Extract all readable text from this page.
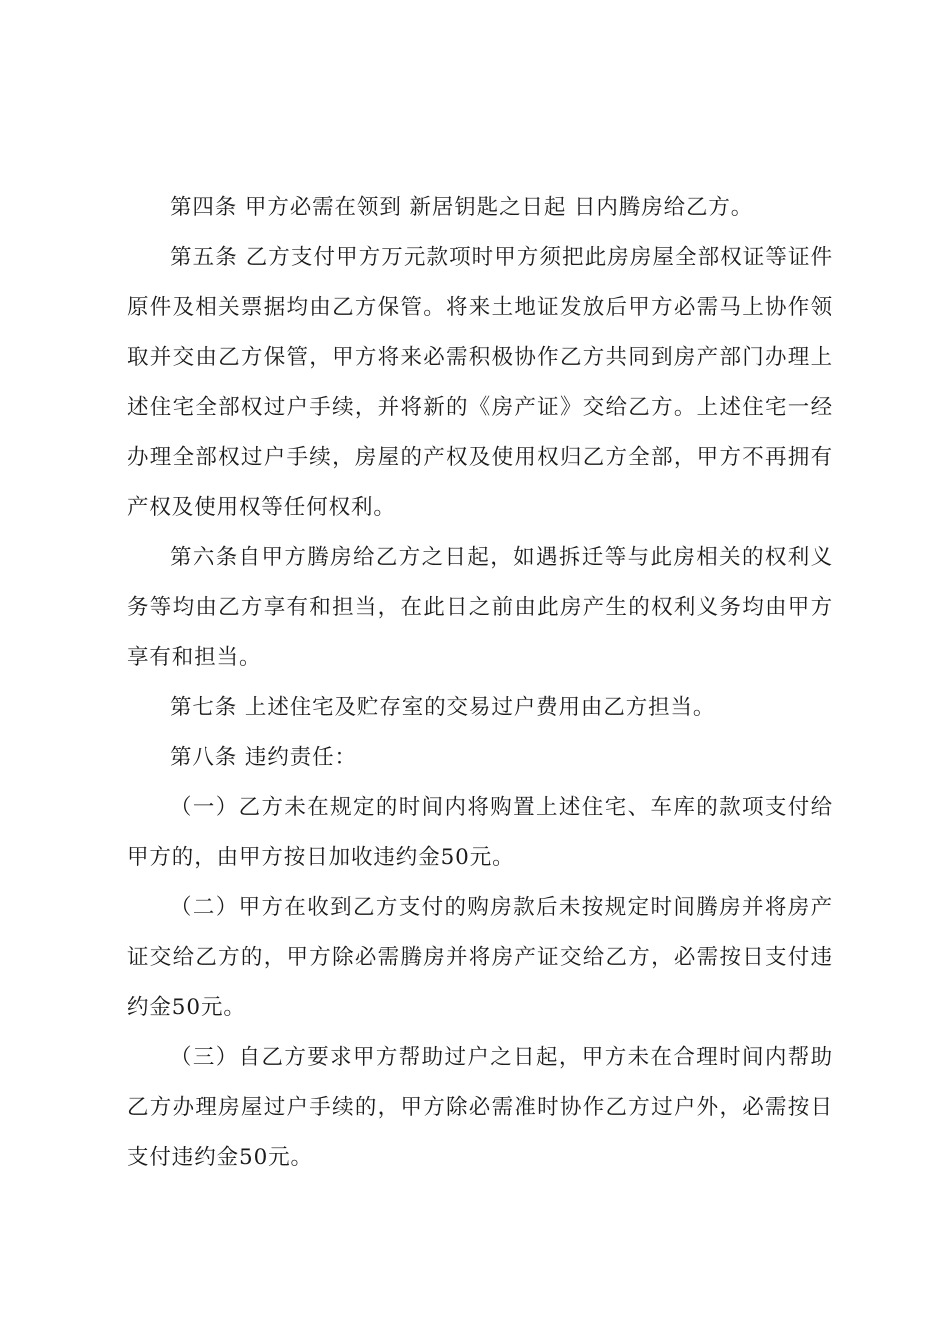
第四条 甲方必需在领到 新居钥匙之日起 日内腾房给乙方。

第五条 乙方支付甲方万元款项时甲方须把此房房屋全部权证等证件原件及相关票据均由乙方保管。将来土地证发放后甲方必需马上协作领取并交由乙方保管，甲方将来必需积极协作乙方共同到房产部门办理上述住宅全部权过户手续，并将新的《房产证》交给乙方。上述住宅一经办理全部权过户手续，房屋的产权及使用权归乙方全部，甲方不再拥有产权及使用权等任何权利。

第六条自甲方腾房给乙方之日起，如遇拆迁等与此房相关的权利义务等均由乙方享有和担当，在此日之前由此房产生的权利义务均由甲方享有和担当。

第七条 上述住宅及贮存室的交易过户费用由乙方担当。

第八条 违约责任：

（一）乙方未在规定的时间内将购置上述住宅、车库的款项支付给甲方的，由甲方按日加收违约金50元。

（二）甲方在收到乙方支付的购房款后未按规定时间腾房并将房产证交给乙方的，甲方除必需腾房并将房产证交给乙方，必需按日支付违约金50元。

（三）自乙方要求甲方帮助过户之日起，甲方未在合理时间内帮助乙方办理房屋过户手续的，甲方除必需准时协作乙方过户外，必需按日支付违约金50元。
